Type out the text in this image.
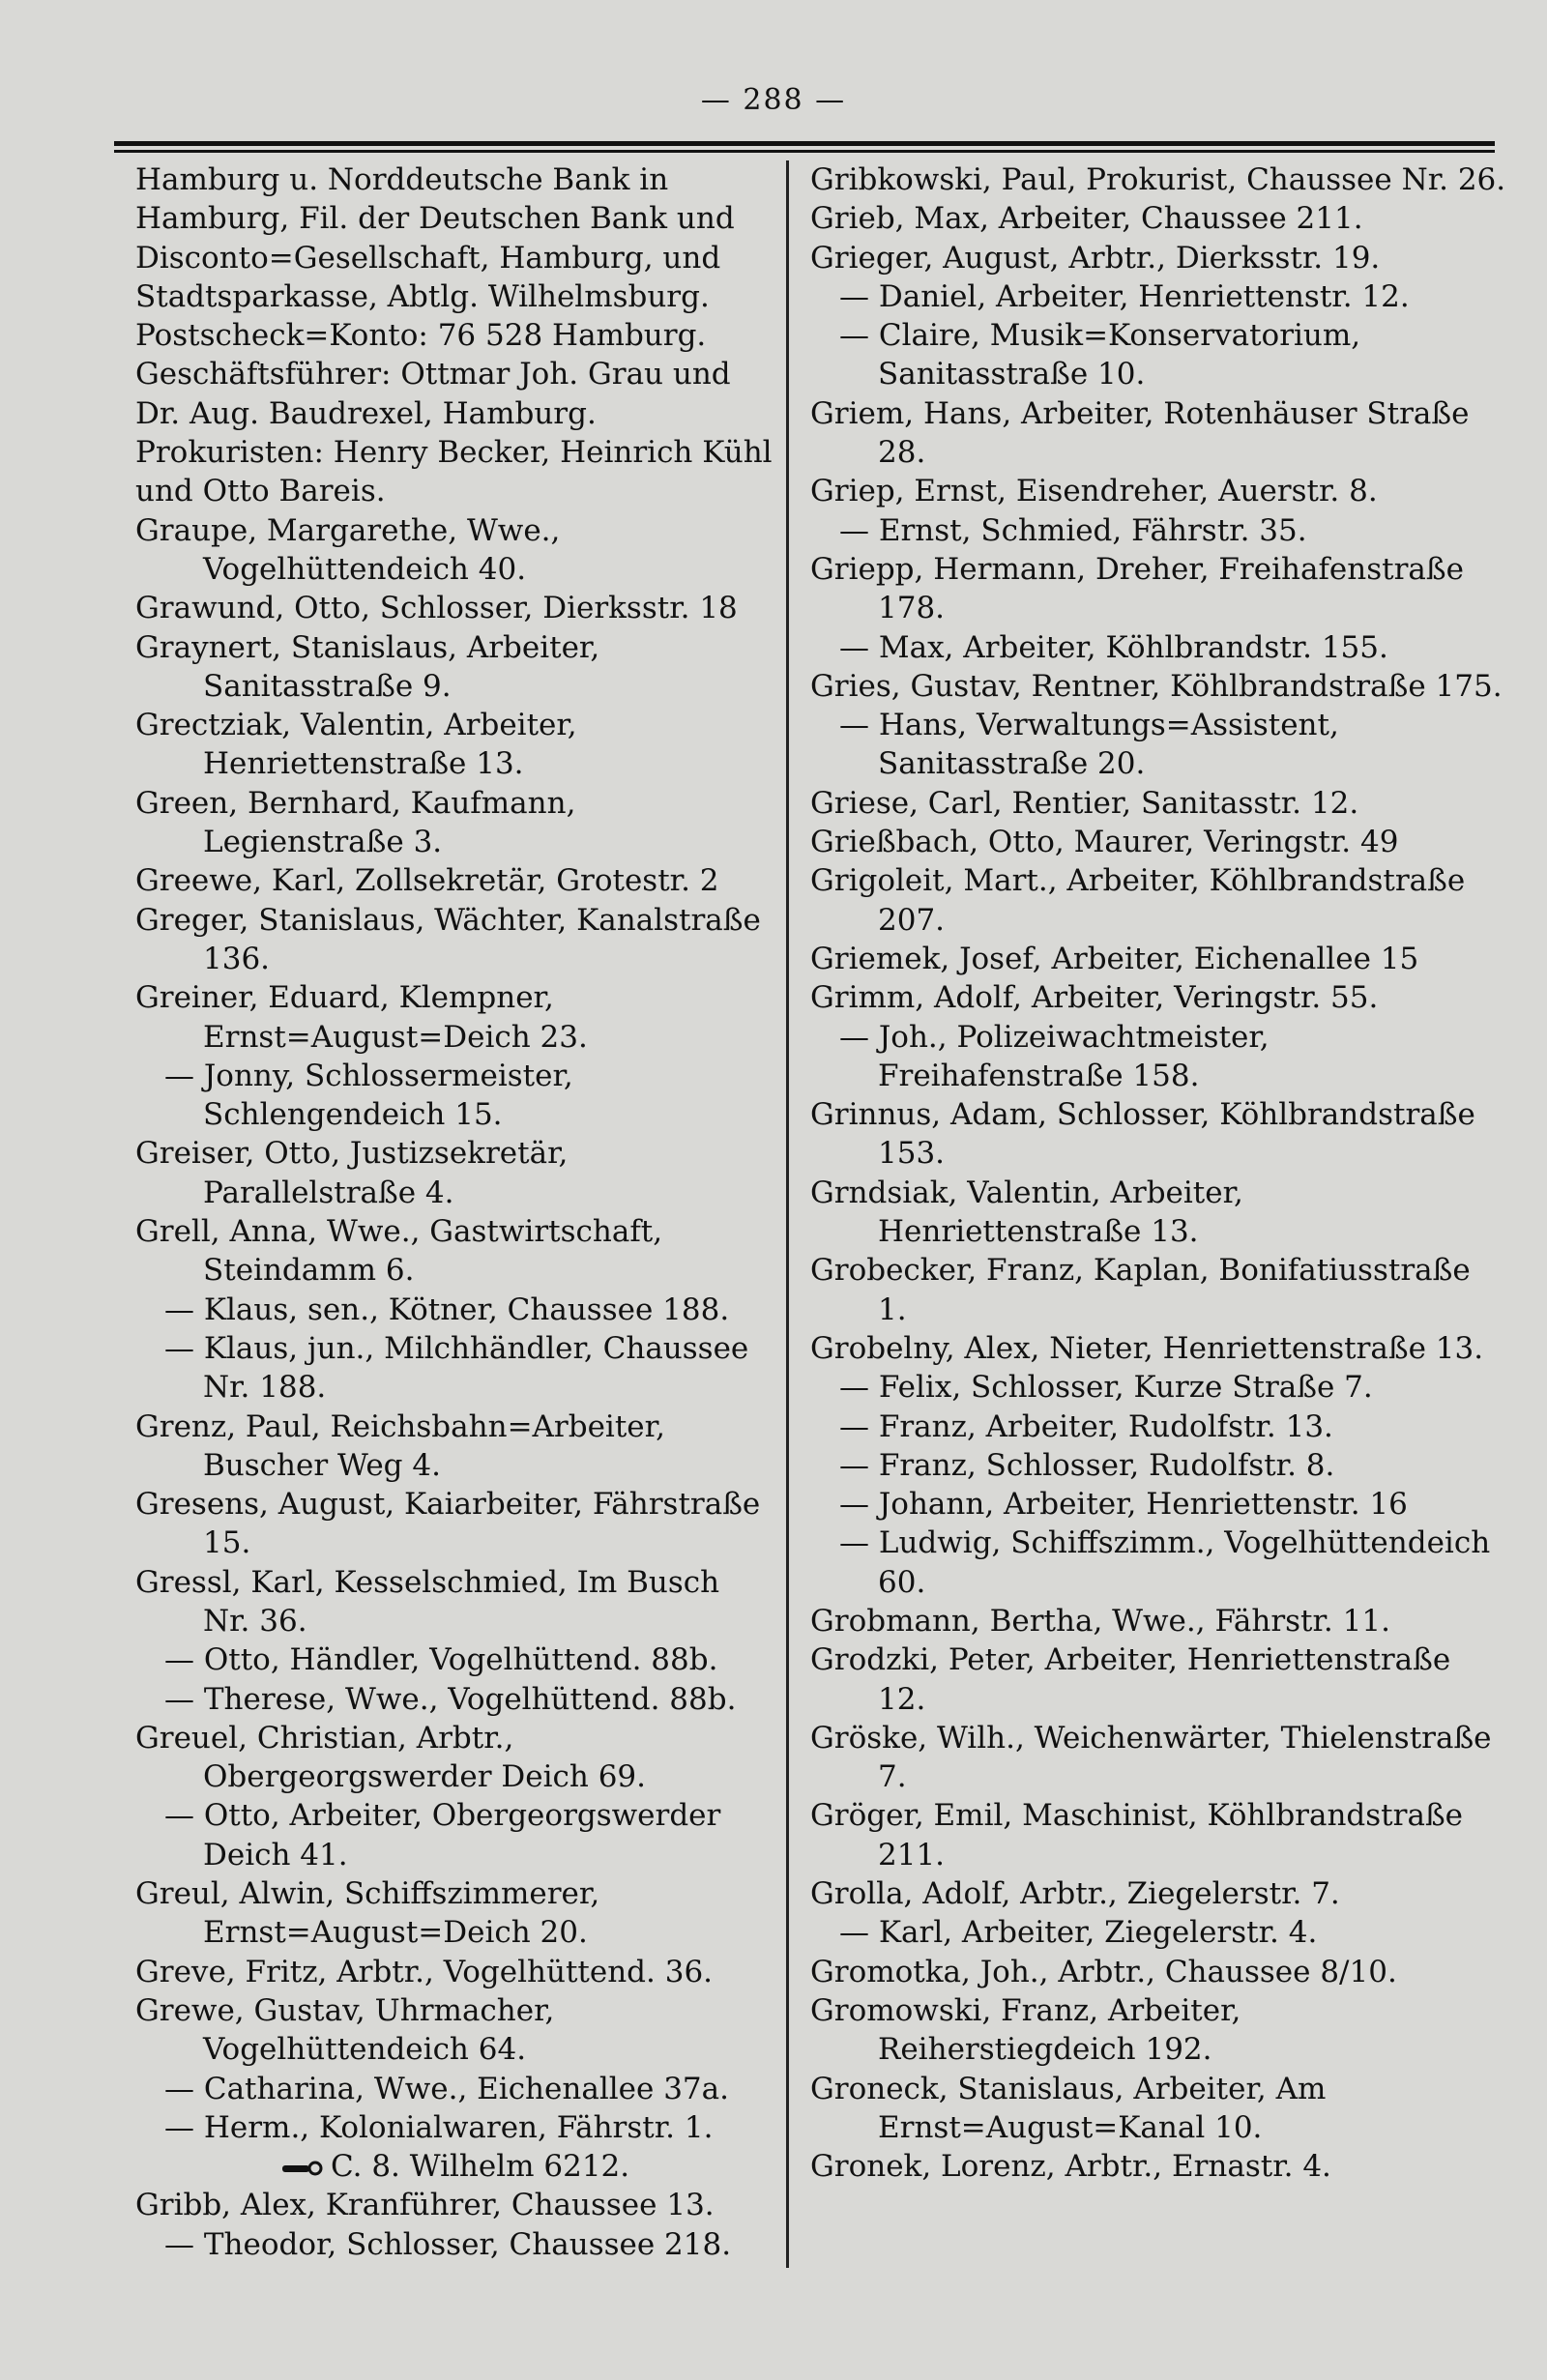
— 288 —

Hamburg u. Norddeutsche Bank in Hamburg, Fil. der Deutschen Bank und Disconto=Gesellschaft, Hamburg, und Stadtsparkasse, Abtlg. Wilhelmsburg. Postscheck=Konto: 76 528 Hamburg. Geschäftsführer: Ottmar Joh. Grau und Dr. Aug. Baudrexel, Hamburg. Prokuristen: Henry Becker, Heinrich Kühl und Otto Bareis.

Graupe, Margarethe, Wwe., Vogelhüttendeich 40.

Grawund, Otto, Schlosser, Dierksstr. 18

Graynert, Stanislaus, Arbeiter, Sanitasstraße 9.

Grectziak, Valentin, Arbeiter, Henriettenstraße 13.

Green, Bernhard, Kaufmann, Legienstraße 3.

Greewe, Karl, Zollsekretär, Grotestr. 2

Greger, Stanislaus, Wächter, Kanalstraße 136.

Greiner, Eduard, Klempner, Ernst=August=Deich 23.

— Jonny, Schlossermeister, Schlengendeich 15.

Greiser, Otto, Justizsekretär, Parallelstraße 4.

Grell, Anna, Wwe., Gastwirtschaft, Steindamm 6.

— Klaus, sen., Kötner, Chaussee 188.

— Klaus, jun., Milchhändler, Chaussee Nr. 188.

Grenz, Paul, Reichsbahn=Arbeiter, Buscher Weg 4.

Gresens, August, Kaiarbeiter, Fährstraße 15.

Gressl, Karl, Kesselschmied, Im Busch Nr. 36.

— Otto, Händler, Vogelhüttend. 88b.

— Therese, Wwe., Vogelhüttend. 88b.

Greuel, Christian, Arbtr., Obergeorgswerder Deich 69.

— Otto, Arbeiter, Obergeorgswerder Deich 41.

Greul, Alwin, Schiffszimmerer, Ernst=August=Deich 20.

Greve, Fritz, Arbtr., Vogelhüttend. 36.

Grewe, Gustav, Uhrmacher, Vogelhüttendeich 64.

— Catharina, Wwe., Eichenallee 37a.

— Herm., Kolonialwaren, Fährstr. 1.

C. 8. Wilhelm 6212.

Gribb, Alex, Kranführer, Chaussee 13.

— Theodor, Schlosser, Chaussee 218.

Gribkowski, Paul, Prokurist, Chaussee Nr. 26.

Grieb, Max, Arbeiter, Chaussee 211.

Grieger, August, Arbtr., Dierksstr. 19.

— Daniel, Arbeiter, Henriettenstr. 12.

— Claire, Musik=Konservatorium, Sanitasstraße 10.

Griem, Hans, Arbeiter, Rotenhäuser Straße 28.

Griep, Ernst, Eisendreher, Auerstr. 8.

— Ernst, Schmied, Fährstr. 35.

Griepp, Hermann, Dreher, Freihafenstraße 178.

— Max, Arbeiter, Köhlbrandstr. 155.

Gries, Gustav, Rentner, Köhlbrandstraße 175.

— Hans, Verwaltungs=Assistent, Sanitasstraße 20.

Griese, Carl, Rentier, Sanitasstr. 12.

Grießbach, Otto, Maurer, Veringstr. 49

Grigoleit, Mart., Arbeiter, Köhlbrandstraße 207.

Griemek, Josef, Arbeiter, Eichenallee 15

Grimm, Adolf, Arbeiter, Veringstr. 55.

— Joh., Polizeiwachtmeister, Freihafenstraße 158.

Grinnus, Adam, Schlosser, Köhlbrandstraße 153.

Grndsiak, Valentin, Arbeiter, Henriettenstraße 13.

Grobecker, Franz, Kaplan, Bonifatiusstraße 1.

Grobelny, Alex, Nieter, Henriettenstraße 13.

— Felix, Schlosser, Kurze Straße 7.

— Franz, Arbeiter, Rudolfstr. 13.

— Franz, Schlosser, Rudolfstr. 8.

— Johann, Arbeiter, Henriettenstr. 16

— Ludwig, Schiffszimm., Vogelhüttendeich 60.

Grobmann, Bertha, Wwe., Fährstr. 11.

Grodzki, Peter, Arbeiter, Henriettenstraße 12.

Gröske, Wilh., Weichenwärter, Thielenstraße 7.

Gröger, Emil, Maschinist, Köhlbrandstraße 211.

Grolla, Adolf, Arbtr., Ziegelerstr. 7.

— Karl, Arbeiter, Ziegelerstr. 4.

Gromotka, Joh., Arbtr., Chaussee 8/10.

Gromowski, Franz, Arbeiter, Reiherstiegdeich 192.

Groneck, Stanislaus, Arbeiter, Am Ernst=August=Kanal 10.

Gronek, Lorenz, Arbtr., Ernastr. 4.
